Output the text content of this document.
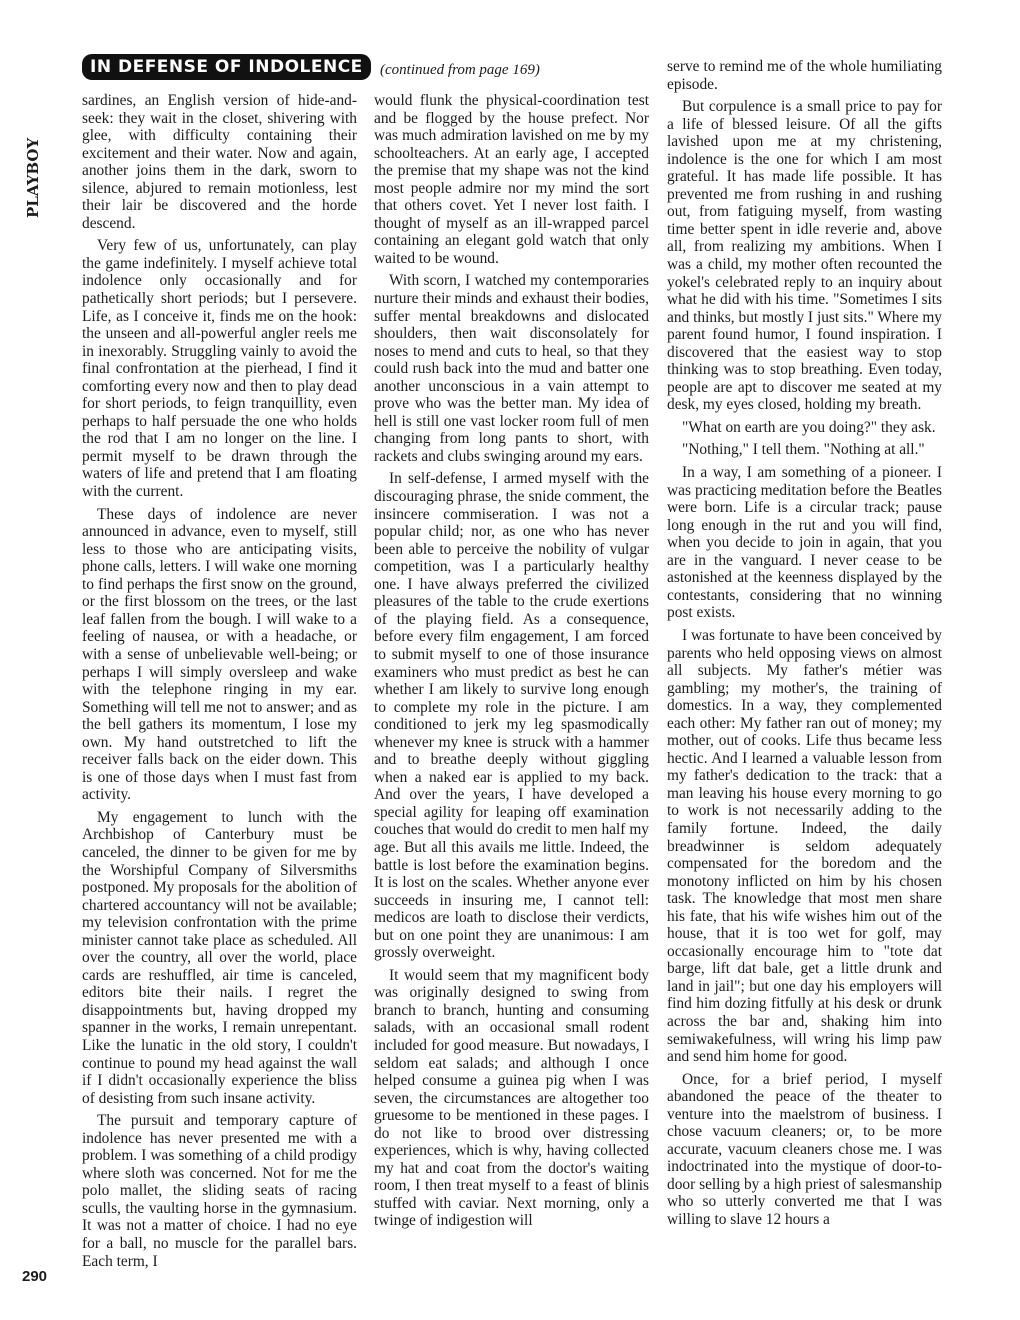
PLAYBOY
IN DEFENSE OF INDOLENCE	(continued from page 169)

sardines, an English version of hide-and-seek: they wait in the closet, shivering with glee, with difficulty containing their excitement and their water. Now and again, another joins them in the dark, sworn to silence, abjured to remain motionless, lest their lair be discovered and the horde descend.

Very few of us, unfortunately, can play the game indefinitely. I myself achieve total indolence only occasionally and for pathetically short periods; but I persevere. Life, as I conceive it, finds me on the hook: the unseen and all-powerful angler reels me in inexorably. Struggling vainly to avoid the final confrontation at the pierhead, I find it comforting every now and then to play dead for short periods, to feign tranquillity, even perhaps to half persuade the one who holds the rod that I am no longer on the line. I permit myself to be drawn through the waters of life and pretend that I am floating with the current.

These days of indolence are never announced in advance, even to myself, still less to those who are anticipating visits, phone calls, letters. I will wake one morning to find perhaps the first snow on the ground, or the first blossom on the trees, or the last leaf fallen from the bough. I will wake to a feeling of nausea, or with a headache, or with a sense of unbelievable well-being; or perhaps I will simply oversleep and wake with the telephone ringing in my ear. Something will tell me not to answer; and as the bell gathers its momentum, I lose my own. My hand outstretched to lift the receiver falls back on the eider down. This is one of those days when I must fast from activity.

My engagement to lunch with the Archbishop of Canterbury must be canceled, the dinner to be given for me by the Worshipful Company of Silversmiths postponed. My proposals for the abolition of chartered accountancy will not be available; my television confrontation with the prime minister cannot take place as scheduled. All over the country, all over the world, place cards are reshuffled, air time is canceled, editors bite their nails. I regret the disappointments but, having dropped my spanner in the works, I remain unrepentant. Like the lunatic in the old story, I couldn't continue to pound my head against the wall if I didn't occasionally experience the bliss of desisting from such insane activity.

The pursuit and temporary capture of indolence has never presented me with a problem. I was something of a child prodigy where sloth was concerned. Not for me the polo mallet, the sliding seats of racing sculls, the vaulting horse in the gymnasium. It was not a matter of choice. I had no eye for a ball, no muscle for the parallel bars. Each term, I

would flunk the physical-coordination test and be flogged by the house prefect. Nor was much admiration lavished on me by my schoolteachers. At an early age, I accepted the premise that my shape was not the kind most people admire nor my mind the sort that others covet. Yet I never lost faith. I thought of myself as an ill-wrapped parcel containing an elegant gold watch that only waited to be wound.

With scorn, I watched my contemporaries nurture their minds and exhaust their bodies, suffer mental breakdowns and dislocated shoulders, then wait disconsolately for noses to mend and cuts to heal, so that they could rush back into the mud and batter one another unconscious in a vain attempt to prove who was the better man. My idea of hell is still one vast locker room full of men changing from long pants to short, with rackets and clubs swinging around my ears.

In self-defense, I armed myself with the discouraging phrase, the snide comment, the insincere commiseration. I was not a popular child; nor, as one who has never been able to perceive the nobility of vulgar competition, was I a particularly healthy one. I have always preferred the civilized pleasures of the table to the crude exertions of the playing field. As a consequence, before every film engagement, I am forced to submit myself to one of those insurance examiners who must predict as best he can whether I am likely to survive long enough to complete my role in the picture. I am conditioned to jerk my leg spasmodically whenever my knee is struck with a hammer and to breathe deeply without giggling when a naked ear is applied to my back. And over the years, I have developed a special agility for leaping off examination couches that would do credit to men half my age. But all this avails me little. Indeed, the battle is lost before the examination begins. It is lost on the scales. Whether anyone ever succeeds in insuring me, I cannot tell: medicos are loath to disclose their verdicts, but on one point they are unanimous: I am grossly overweight.

It would seem that my magnificent body was originally designed to swing from branch to branch, hunting and consuming salads, with an occasional small rodent included for good measure. But nowadays, I seldom eat salads; and although I once helped consume a guinea pig when I was seven, the circumstances are altogether too gruesome to be mentioned in these pages. I do not like to brood over distressing experiences, which is why, having collected my hat and coat from the doctor's waiting room, I then treat myself to a feast of blinis stuffed with caviar. Next morning, only a twinge of indigestion will

serve to remind me of the whole humiliating episode.

But corpulence is a small price to pay for a life of blessed leisure. Of all the gifts lavished upon me at my christening, indolence is the one for which I am most grateful. It has made life possible. It has prevented me from rushing in and rushing out, from fatiguing myself, from wasting time better spent in idle reverie and, above all, from realizing my ambitions. When I was a child, my mother often recounted the yokel's celebrated reply to an inquiry about what he did with his time. "Sometimes I sits and thinks, but mostly I just sits." Where my parent found humor, I found inspiration. I discovered that the easiest way to stop thinking was to stop breathing. Even today, people are apt to discover me seated at my desk, my eyes closed, holding my breath.

"What on earth are you doing?" they ask.

"Nothing," I tell them. "Nothing at all."

In a way, I am something of a pioneer. I was practicing meditation before the Beatles were born. Life is a circular track; pause long enough in the rut and you will find, when you decide to join in again, that you are in the vanguard. I never cease to be astonished at the keenness displayed by the contestants, considering that no winning post exists.

I was fortunate to have been conceived by parents who held opposing views on almost all subjects. My father's métier was gambling; my mother's, the training of domestics. In a way, they complemented each other: My father ran out of money; my mother, out of cooks. Life thus became less hectic. And I learned a valuable lesson from my father's dedication to the track: that a man leaving his house every morning to go to work is not necessarily adding to the family fortune. Indeed, the daily breadwinner is seldom adequately compensated for the boredom and the monotony inflicted on him by his chosen task. The knowledge that most men share his fate, that his wife wishes him out of the house, that it is too wet for golf, may occasionally encourage him to "tote dat barge, lift dat bale, get a little drunk and land in jail"; but one day his employers will find him dozing fitfully at his desk or drunk across the bar and, shaking him into semiwakefulness, will wring his limp paw and send him home for good.

Once, for a brief period, I myself abandoned the peace of the theater to venture into the maelstrom of business. I chose vacuum cleaners; or, to be more accurate, vacuum cleaners chose me. I was indoctrinated into the mystique of door-to-door selling by a high priest of salesmanship who so utterly converted me that I was willing to slave 12 hours a

290
